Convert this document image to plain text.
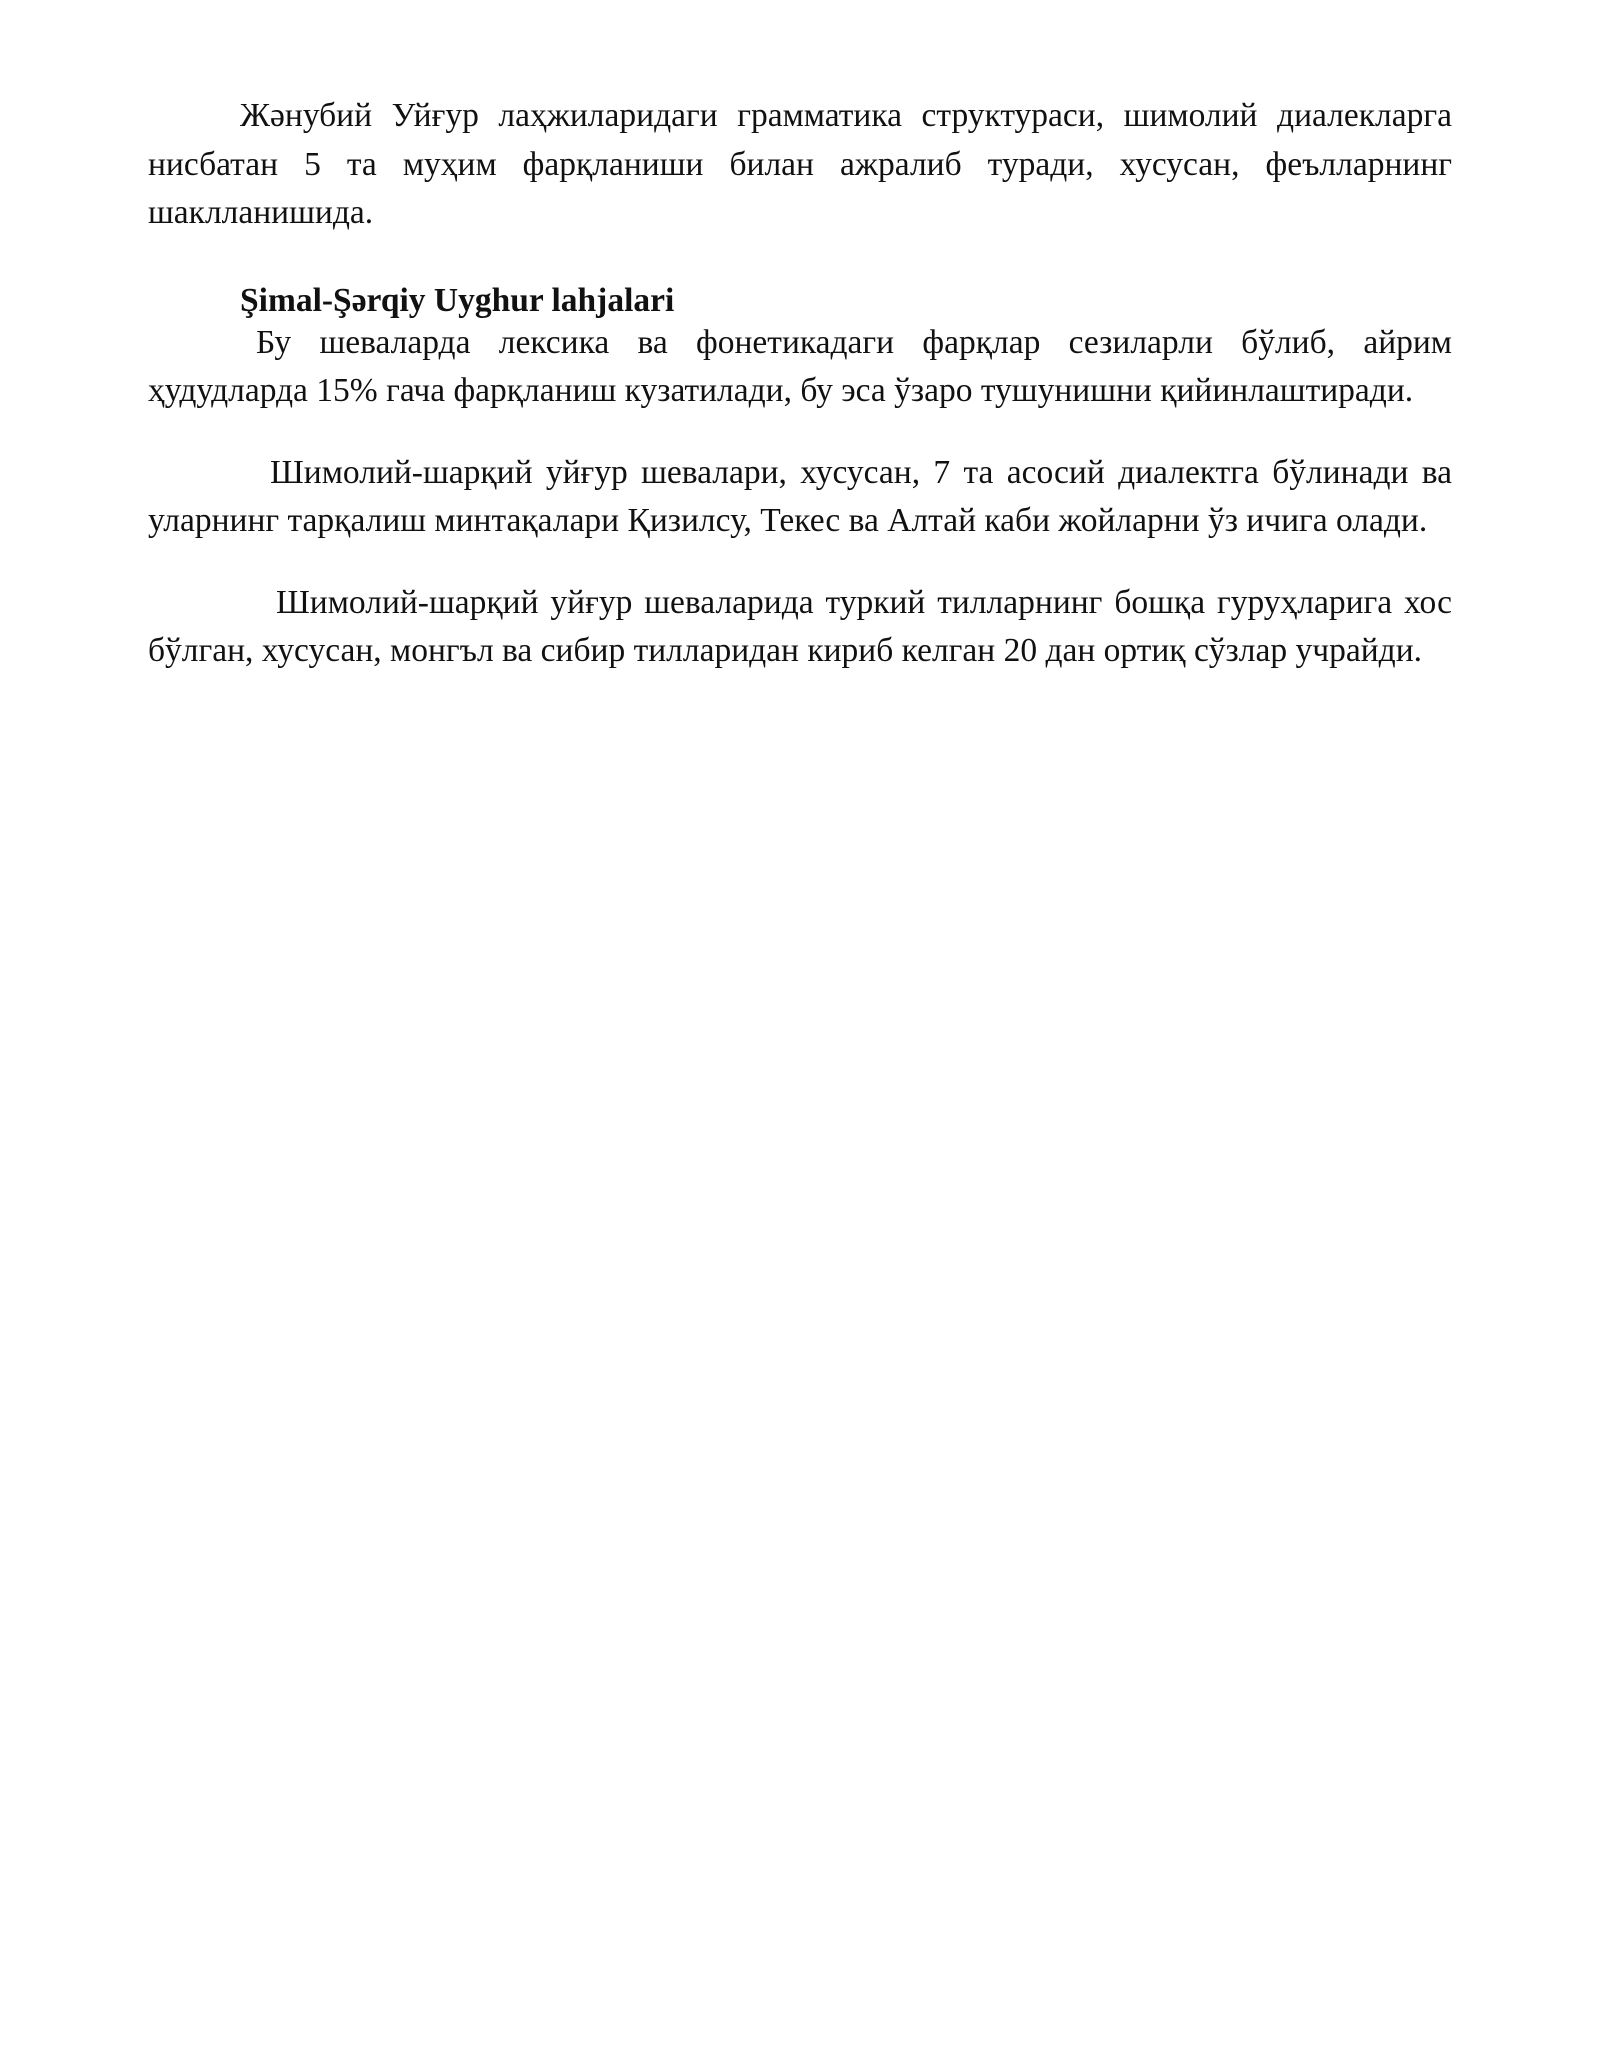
Жәнубий Уйғур лаҳжиларидаги грамматика структураси, шимолий диалекларга нисбатан 5 та муҳим фарқланиши билан ажралиб туради, хусусан, феълларнинг шаклланишида.

Şimal-Şərqiy Uyghur lahjalari

Бу шеваларда лексика ва фонетикадаги фарқлар сезиларли бўлиб, айрим ҳудудларда 15% гача фарқланиш кузатилади, бу эса ўзаро тушунишни қийинлаштиради.

Шимолий-шарқий уйғур шевалари, хусусан, 7 та асосий диалектга бўлинади ва уларнинг тарқалиш минтақалари Қизилсу, Текес ва Алтай каби жойларни ўз ичига олади.

Шимолий-шарқий уйғур шеваларида туркий тилларнинг бошқа гуруҳларига хос бўлган, хусусан, монгъл ва сибир тилларидан кириб келган 20 дан ортиқ сўзлар учрайди.
